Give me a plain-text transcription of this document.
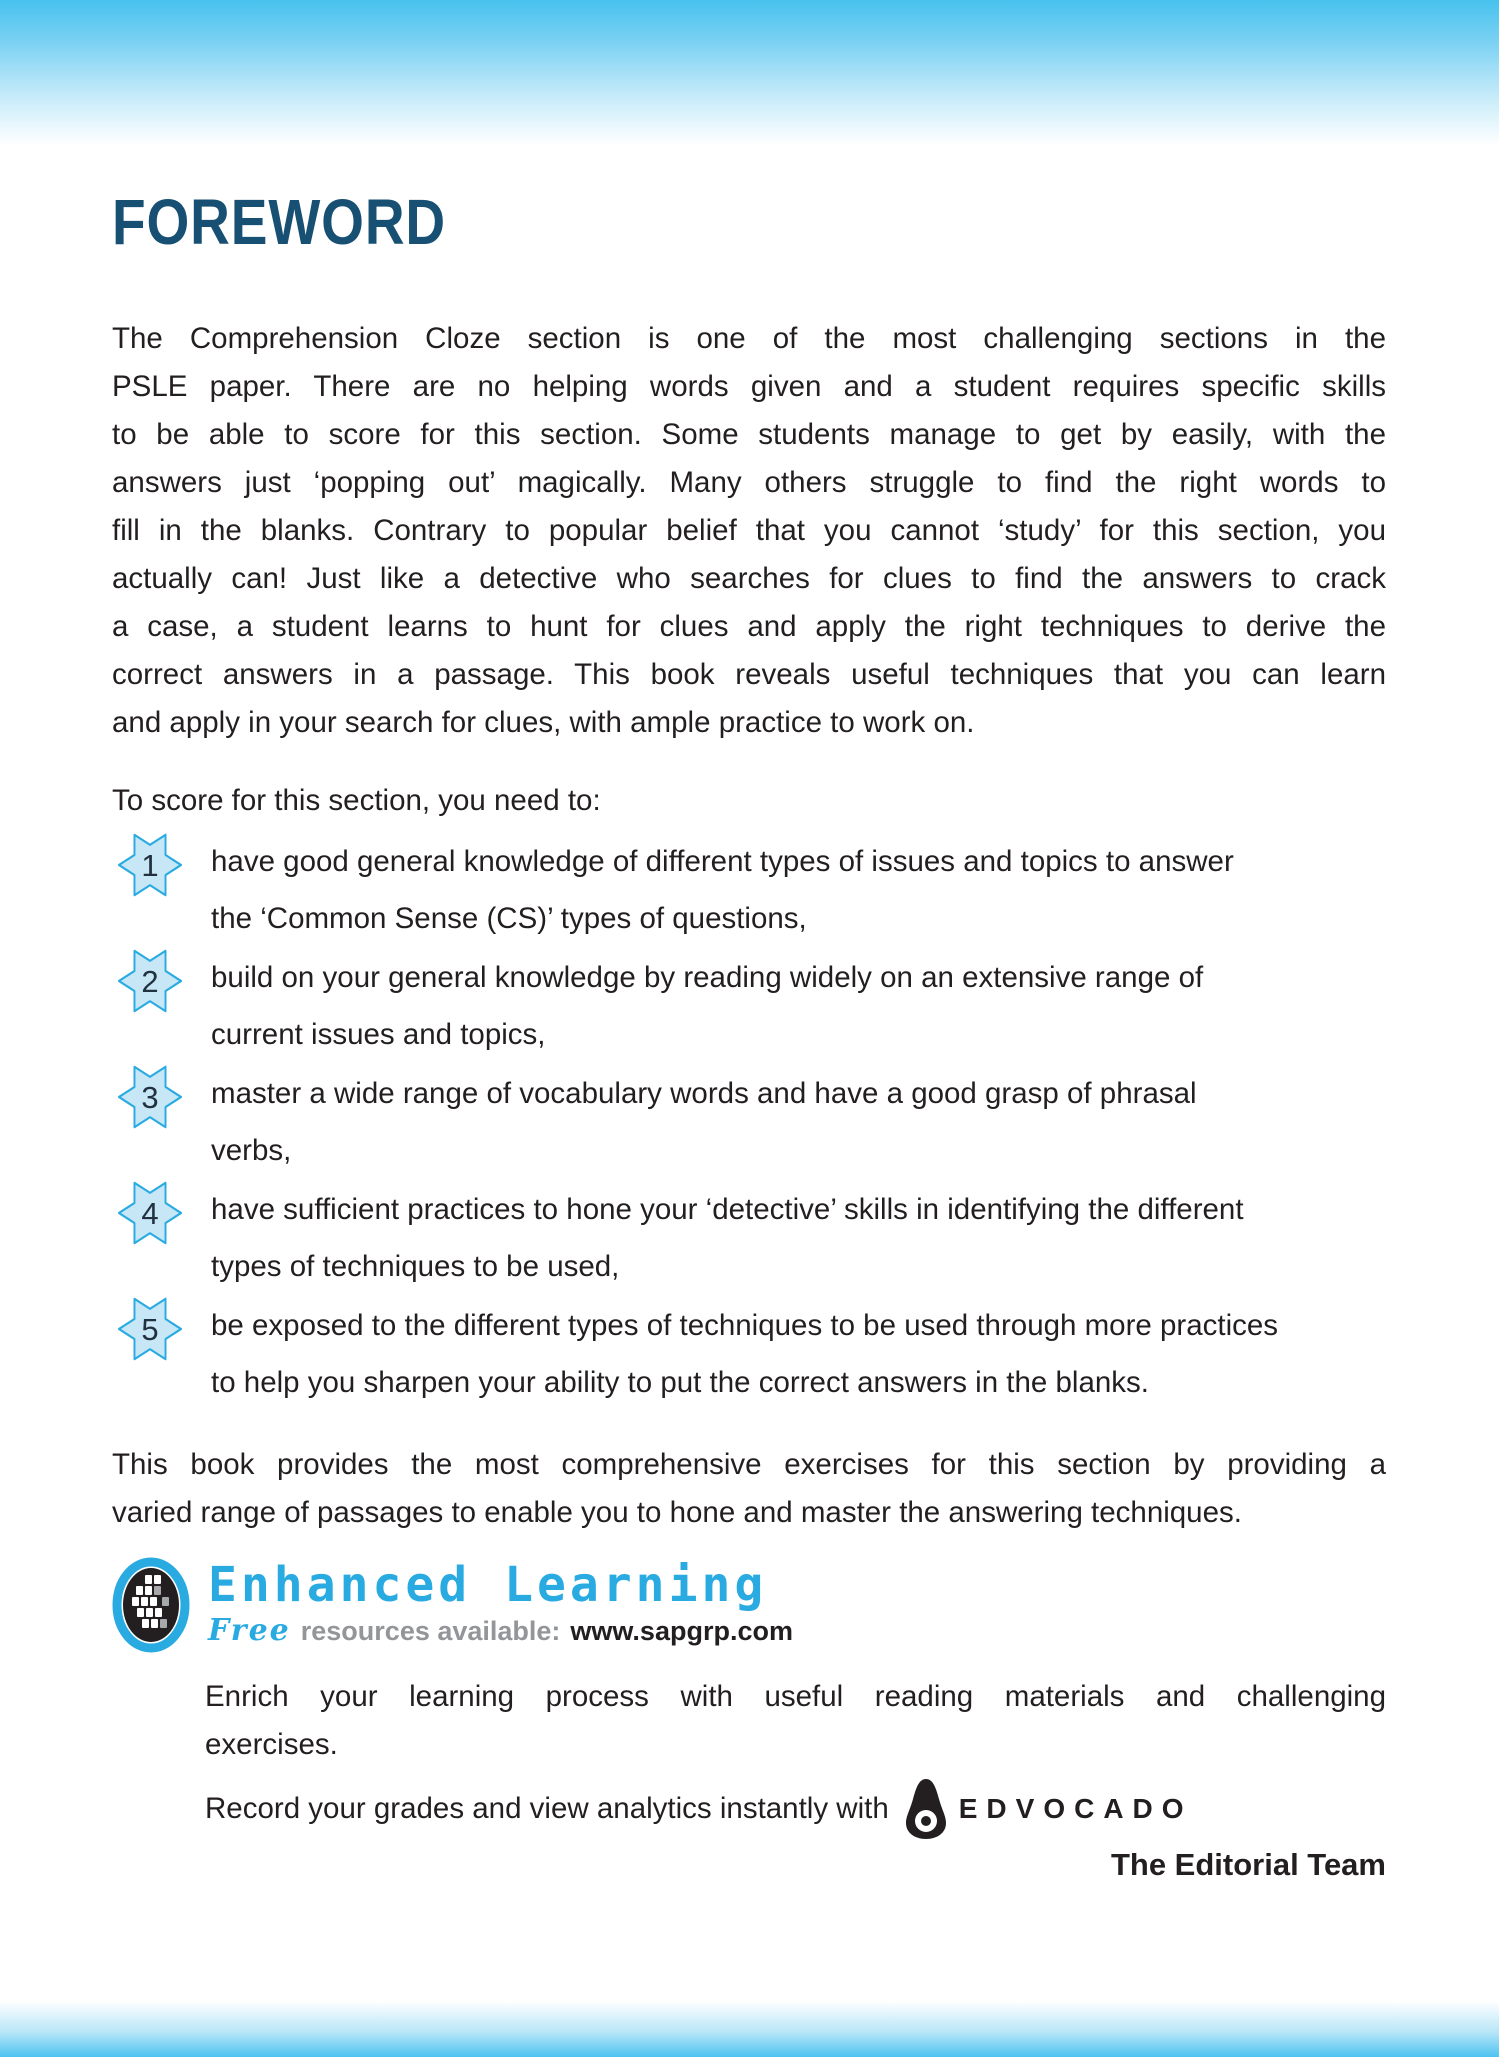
FOREWORD
The Comprehension Cloze section is one of the most challenging sections in the
PSLE paper. There are no helping words given and a student requires specific skills
to be able to score for this section. Some students manage to get by easily, with the
answers just ‘popping out’ magically. Many others struggle to find the right words to
fill in the blanks. Contrary to popular belief that you cannot ‘study’ for this section, you
actually can! Just like a detective who searches for clues to find the answers to crack
a case, a student learns to hunt for clues and apply the right techniques to derive the
correct answers in a passage. This book reveals useful techniques that you can learn
and apply in your search for clues, with ample practice to work on.
To score for this section, you need to:
1	have good general knowledge of different types of issues and topics to answer
the ‘Common Sense (CS)’ types of questions,
2	build on your general knowledge by reading widely on an extensive range of
current issues and topics,
3	master a wide range of vocabulary words and have a good grasp of phrasal
verbs,
4	have sufficient practices to hone your ‘detective’ skills in identifying the different
types of techniques to be used,
5	be exposed to the different types of techniques to be used through more practices
to help you sharpen your ability to put the correct answers in the blanks.
This book provides the most comprehensive exercises for this section by providing a
varied range of passages to enable you to hone and master the answering techniques.
Enhanced Learning
Free resources available: www.sapgrp.com
Enrich your learning process with useful reading materials and challenging
exercises.
Record your grades and view analytics instantly with	EDVOCADO
The Editorial Team
